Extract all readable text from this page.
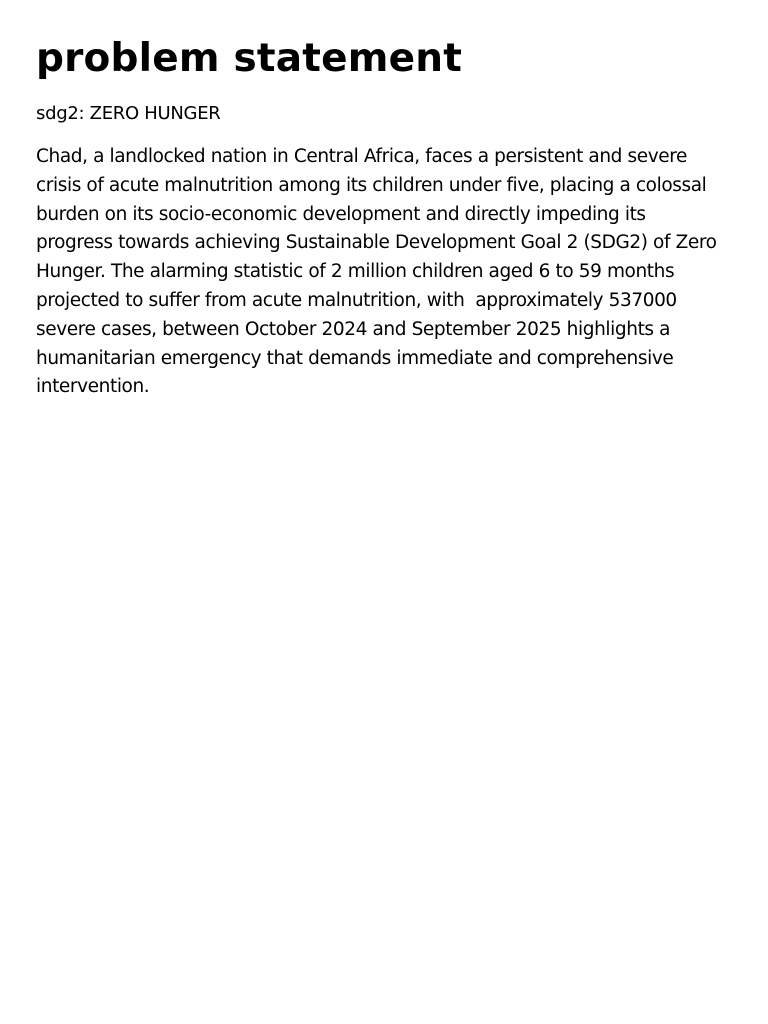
problem statement

sdg2: ZERO HUNGER

Chad, a landlocked nation in Central Africa, faces a persistent and severe crisis of acute malnutrition among its children under five, placing a colossal burden on its socio-economic development and directly impeding its progress towards achieving Sustainable Development Goal 2 (SDG2) of Zero Hunger. The alarming statistic of 2 million children aged 6 to 59 months projected to suffer from acute malnutrition, with  approximately 537000 severe cases, between October 2024 and September 2025 highlights a humanitarian emergency that demands immediate and comprehensive intervention.
